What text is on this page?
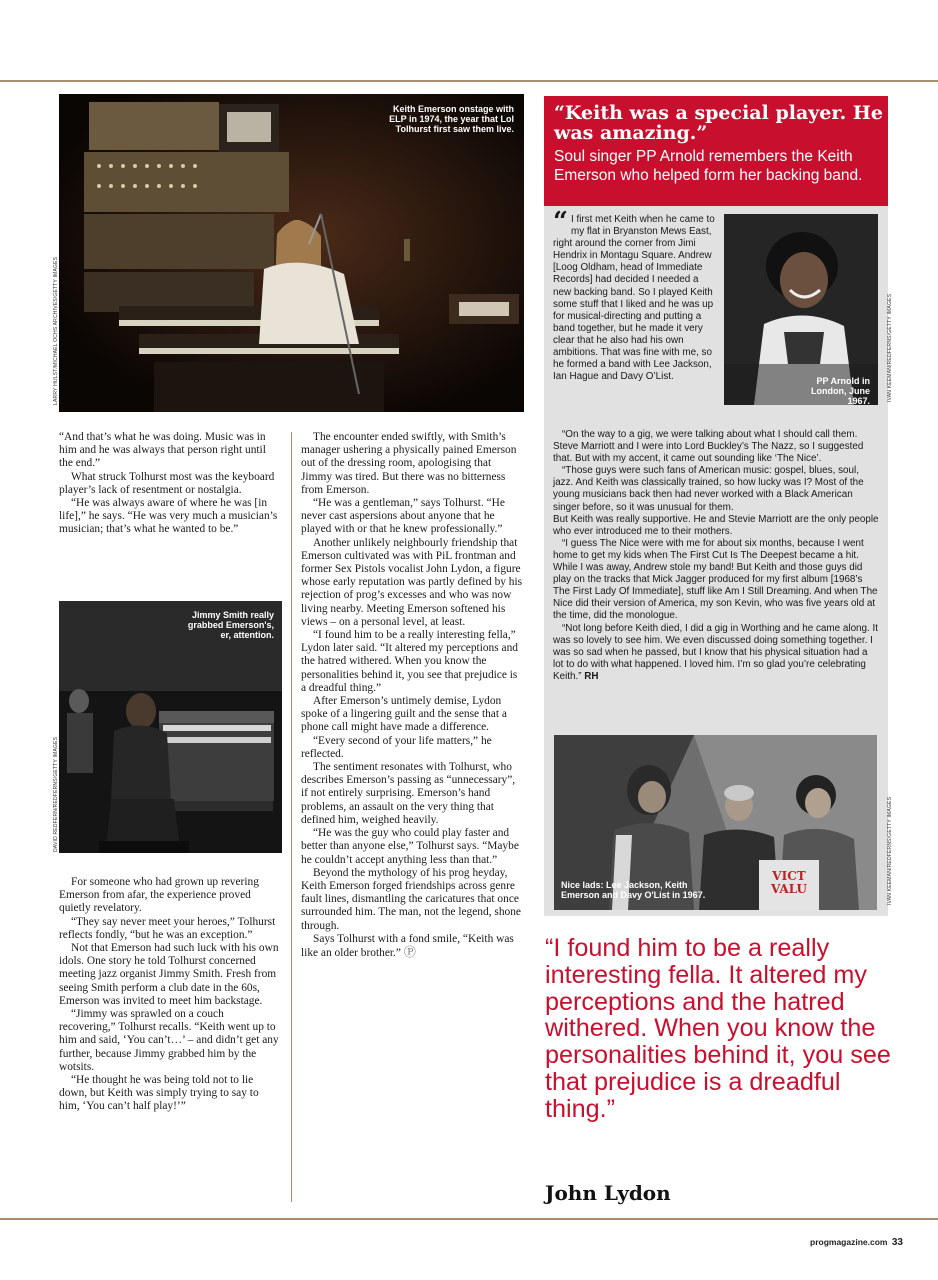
Keith Emerson onstage with ELP in 1974, the year that Lol Tolhurst first saw them live.
LARRY HULST/MICHAEL OCHS ARCHIVES/GETTY IMAGES

“And that’s what he was doing. Music was in him and he was always that person right until the end.”

What struck Tolhurst most was the keyboard player’s lack of resentment or nostalgia.

“He was always aware of where he was [in life],” he says. “He was very much a musician’s musician; that’s what he wanted to be.”

Jimmy Smith really grabbed Emerson's, er, attention.
DAVID REDFERN/REDFERNS/GETTY IMAGES

For someone who had grown up revering Emerson from afar, the experience proved quietly revelatory.

“They say never meet your heroes,” Tolhurst reflects fondly, “but he was an exception.”

Not that Emerson had such luck with his own idols. One story he told Tolhurst concerned meeting jazz organist Jimmy Smith. Fresh from seeing Smith perform a club date in the 60s, Emerson was invited to meet him backstage.

“Jimmy was sprawled on a couch recovering,” Tolhurst recalls. “Keith went up to him and said, ‘You can’t…’ – and didn’t get any further, because Jimmy grabbed him by the wotsits.

“He thought he was being told not to lie down, but Keith was simply trying to say to him, ‘You can’t half play!’”

The encounter ended swiftly, with Smith’s manager ushering a physically pained Emerson out of the dressing room, apologising that Jimmy was tired. But there was no bitterness from Emerson.

“He was a gentleman,” says Tolhurst. “He never cast aspersions about anyone that he played with or that he knew professionally.”

Another unlikely neighbourly friendship that Emerson cultivated was with PiL frontman and former Sex Pistols vocalist John Lydon, a figure whose early reputation was partly defined by his rejection of prog’s excesses and who was now living nearby. Meeting Emerson softened his views – on a personal level, at least.

“I found him to be a really interesting fella,” Lydon later said. “It altered my perceptions and the hatred withered. When you know the personalities behind it, you see that prejudice is a dreadful thing.”

After Emerson’s untimely demise, Lydon spoke of a lingering guilt and the sense that a phone call might have made a difference.

“Every second of your life matters,” he reflected.

The sentiment resonates with Tolhurst, who describes Emerson’s passing as “unnecessary”, if not entirely surprising. Emerson’s hand problems, an assault on the very thing that defined him, weighed heavily.

“He was the guy who could play faster and better than anyone else,” Tolhurst says. “Maybe he couldn’t accept anything less than that.”

Beyond the mythology of his prog heyday, Keith Emerson forged friendships across genre fault lines, dismantling the caricatures that once surrounded him. The man, not the legend, shone through.

Says Tolhurst with a fond smile, “Keith was like an older brother.” Ⓟ

“Keith was a special player. He was amazing.”
Soul singer PP Arnold remembers the Keith Emerson who helped form her backing band.
PP Arnold in London, June 1967.	IVAN KEEMAN/REDFERNS/GETTY IMAGES

“ I first met Keith when he came to my flat in Bryanston Mews East, right around the corner from Jimi Hendrix in Montagu Square. Andrew [Loog Oldham, head of Immediate Records] had decided I needed a new backing band. So I played Keith some stuff that I liked and he was up for musical-directing and putting a band together, but he made it very clear that he also had his own ambitions. That was fine with me, so he formed a band with Lee Jackson, Ian Hague and Davy O’List.

“On the way to a gig, we were talking about what I should call them. Steve Marriott and I were into Lord Buckley’s The Nazz, so I suggested that. But with my accent, it came out sounding like ‘The Nice’.

“Those guys were such fans of American music: gospel, blues, soul, jazz. And Keith was classically trained, so how lucky was I? Most of the young musicians back then had never worked with a Black American singer before, so it was unusual for them.

But Keith was really supportive. He and Stevie Marriott are the only people who ever introduced me to their mothers.

“I guess The Nice were with me for about six months, because I went home to get my kids when The First Cut Is The Deepest became a hit. While I was away, Andrew stole my band! But Keith and those guys did play on the tracks that Mick Jagger produced for my first album [1968’s The First Lady Of Immediate], stuff like Am I Still Dreaming. And when The Nice did their version of America, my son Kevin, who was five years old at the time, did the monologue.

“Not long before Keith died, I did a gig in Worthing and he came along. It was so lovely to see him. We even discussed doing something together. I was so sad when he passed, but I know that his physical situation had a lot to do with what happened. I loved him. I’m so glad you’re celebrating Keith.” RH

VICT VALU
Nice lads: Lee Jackson, Keith Emerson and Davy O'List in 1967.	IVAN KEEMAN/REDFERNS/GETTY IMAGES
“I found him to be a really interesting fella. It altered my perceptions and the hatred withered. When you know the personalities behind it, you see that prejudice is a dreadful thing.”
John Lydon
progmagazine.com 33
